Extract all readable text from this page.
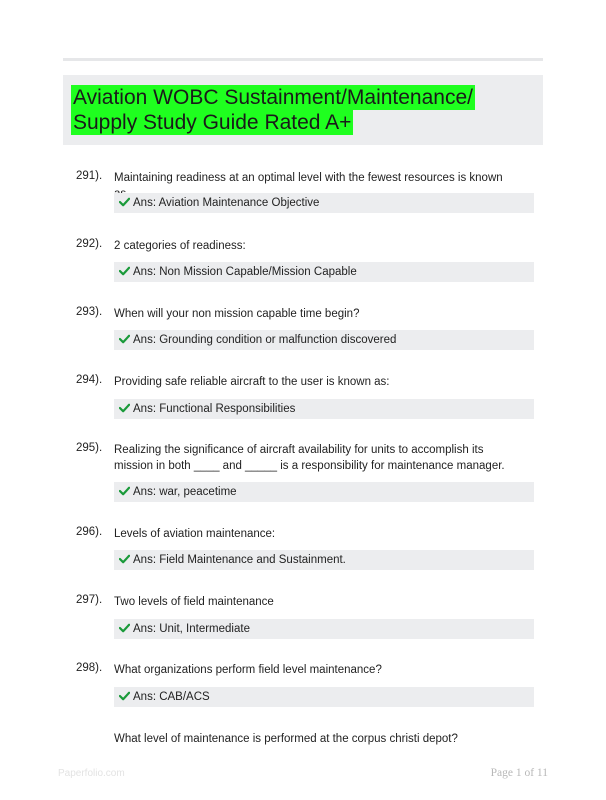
Aviation WOBC Sustainment/Maintenance/
Supply Study Guide Rated A+
291). Maintaining readiness at an optimal level with the fewest resources is known
Ans: Aviation Maintenance Objective
292). 2 categories of readiness:
Ans: Non Mission Capable/Mission Capable
293). When will your non mission capable time begin?
Ans: Grounding condition or malfunction discovered
294). Providing safe reliable aircraft to the user is known as:
Ans: Functional Responsibilities
295). Realizing the significance of aircraft availability for units to accomplish its mission in both ____ and _____ is a responsibility for maintenance manager.
Ans: war, peacetime
296). Levels of aviation maintenance:
Ans: Field Maintenance and Sustainment.
297). Two levels of field maintenance
Ans: Unit, Intermediate
298). What organizations perform field level maintenance?
Ans: CAB/ACS
What level of maintenance is performed at the corpus christi depot?
Paperfolio.com	Page 1 of 11
